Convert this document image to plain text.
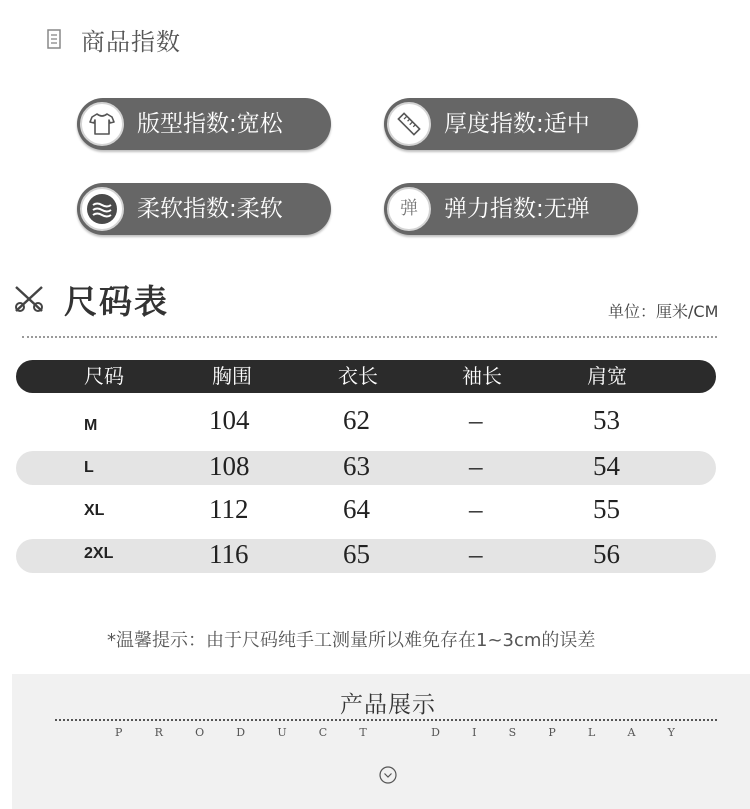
商品指数
版型指数:宽松	厚度指数:适中
柔软指数:柔软	弹 弹力指数:无弹
尺码表	单位：厘米/CM
尺码	胸围	衣长	袖长	肩宽
M	104	62	–	53
L	108	63	–	54
XL	112	64	–	55
2XL	116	65	–	56
*温馨提示：由于尺码纯手工测量所以难免存在1~3cm的误差
产品展示
P	R	O	D	U	C	T	D	I	S	P	L	A	Y
